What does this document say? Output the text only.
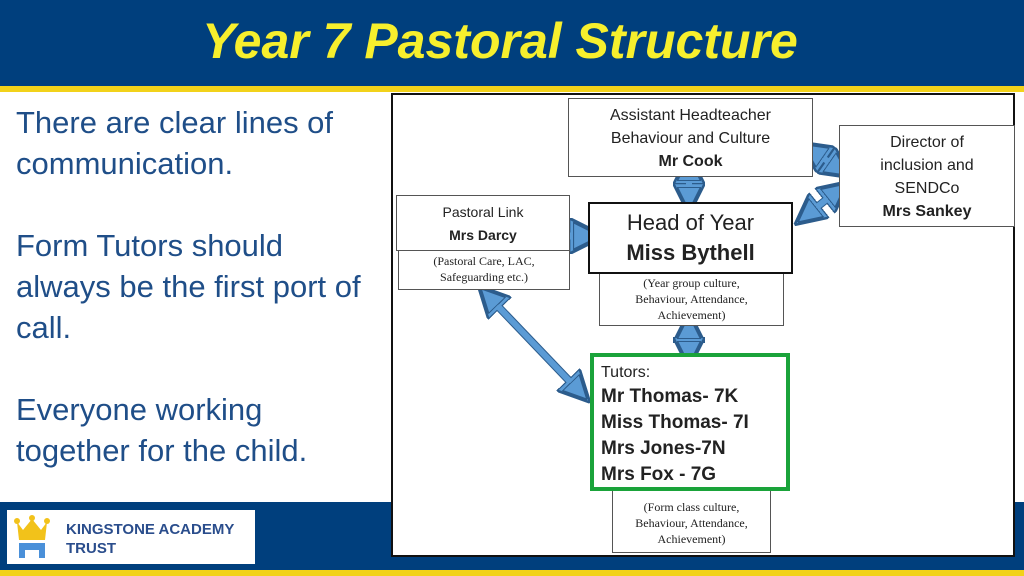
Year 7 Pastoral Structure

There are clear lines of communication.

Form Tutors should always be the first port of call.

Everyone working together for the child.

KINGSTONE ACADEMY
TRUST
Assistant Headteacher
Behaviour and Culture
Mr Cook
Director of
inclusion and
SENDCo
Mrs Sankey
Pastoral Link
Mrs Darcy
(Pastoral Care, LAC,
Safeguarding etc.)
Head of Year
Miss Bythell
(Year group culture,
Behaviour, Attendance,
Achievement)
Tutors:
Mr Thomas- 7K
Miss Thomas- 7I
Mrs Jones-7N
Mrs Fox - 7G
(Form class culture,
Behaviour, Attendance,
Achievement)
